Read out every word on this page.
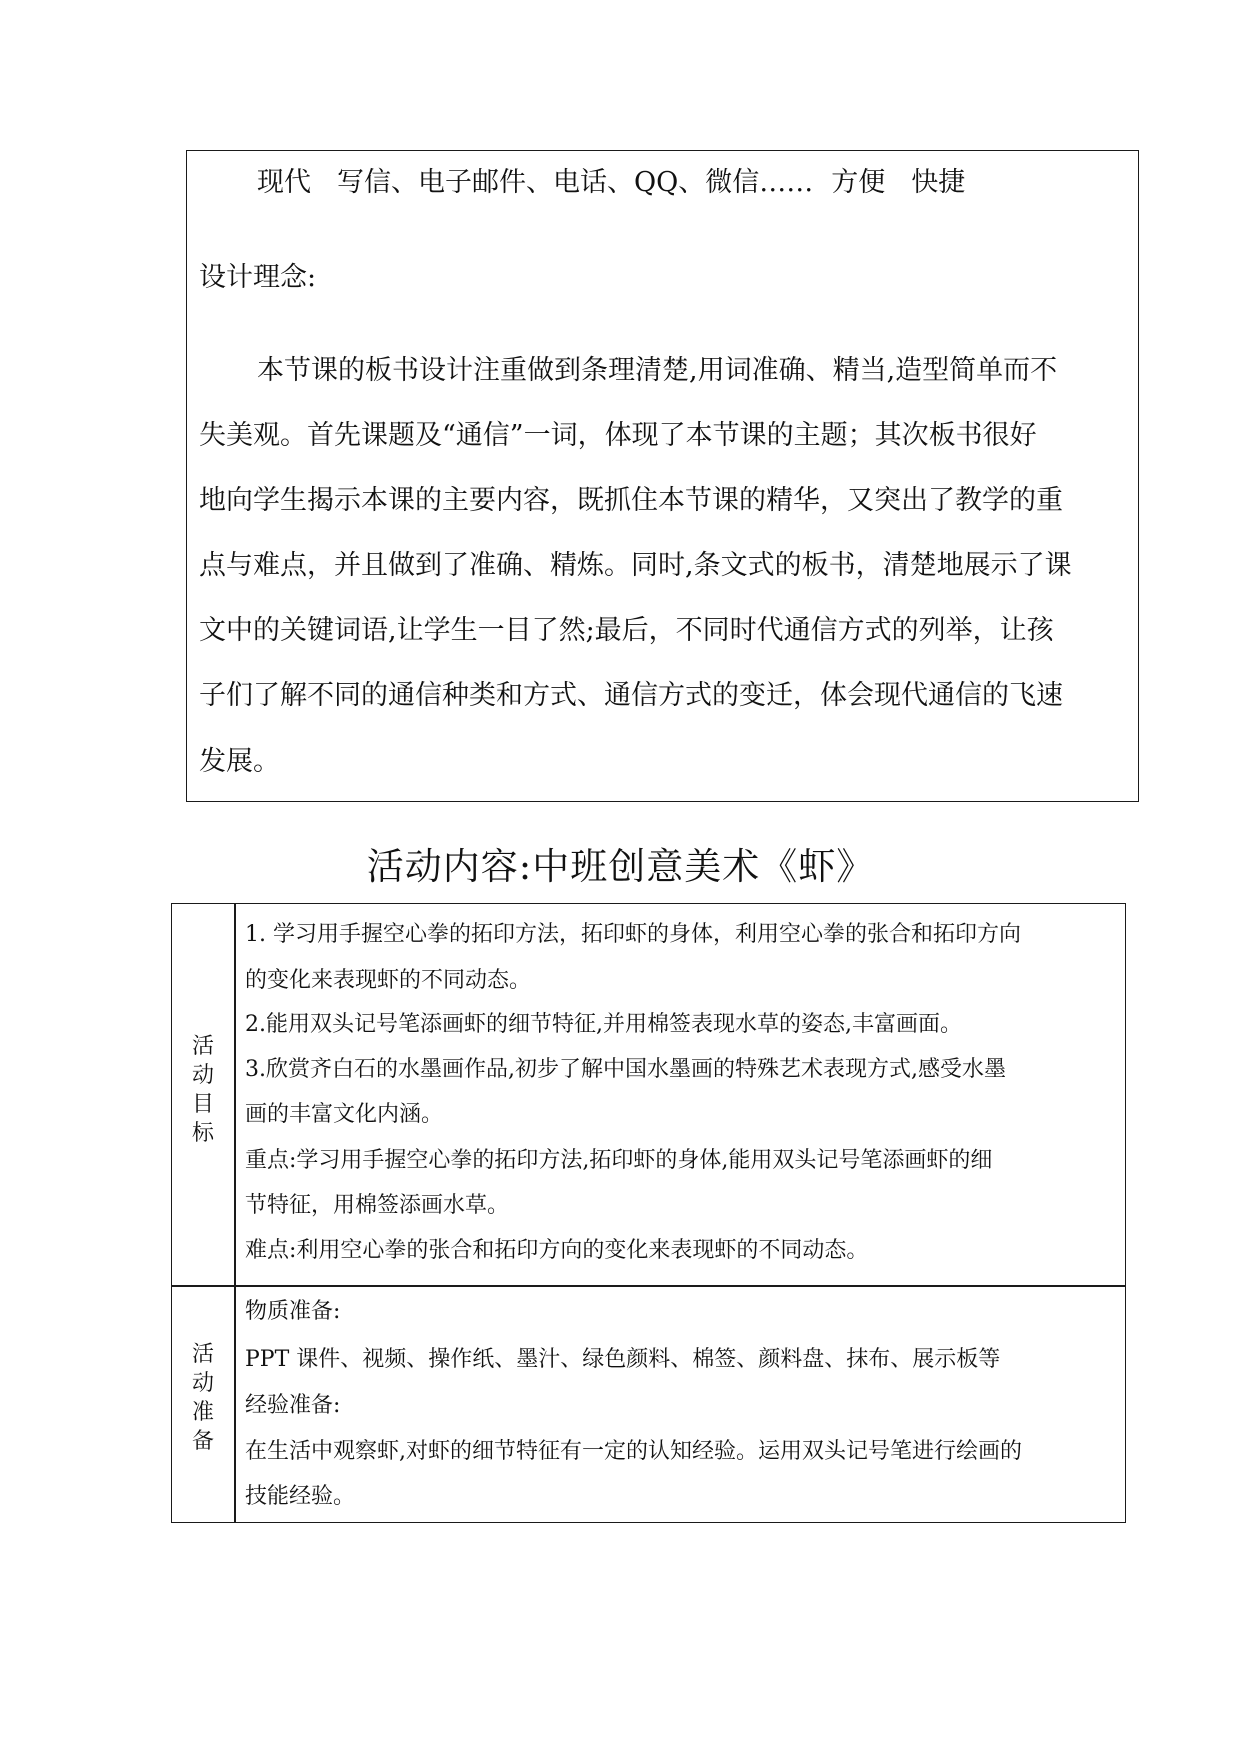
现代 写信、电子邮件、电话、QQ、微信…… 方便 快捷
设计理念:
本节课的板书设计注重做到条理清楚,用词准确、精当,造型简单而不
失美观。首先课题及“通信”一词，体现了本节课的主题；其次板书很好
地向学生揭示本课的主要内容，既抓住本节课的精华，又突出了教学的重
点与难点，并且做到了准确、精炼。同时,条文式的板书，清楚地展示了课
文中的关键词语,让学生一目了然;最后，不同时代通信方式的列举，让孩
子们了解不同的通信种类和方式、通信方式的变迁，体会现代通信的飞速
发展。
活动内容:中班创意美术《虾》
活
动
目
标
1. 学习用手握空心拳的拓印方法，拓印虾的身体，利用空心拳的张合和拓印方向
的变化来表现虾的不同动态。
2.能用双头记号笔添画虾的细节特征,并用棉签表现水草的姿态,丰富画面。
3.欣赏齐白石的水墨画作品,初步了解中国水墨画的特殊艺术表现方式,感受水墨
画的丰富文化内涵。
重点:学习用手握空心拳的拓印方法,拓印虾的身体,能用双头记号笔添画虾的细
节特征，用棉签添画水草。
难点:利用空心拳的张合和拓印方向的变化来表现虾的不同动态。
活
动
准
备
物质准备:
PPT 课件、视频、操作纸、墨汁、绿色颜料、棉签、颜料盘、抹布、展示板等
经验准备:
在生活中观察虾,对虾的细节特征有一定的认知经验。运用双头记号笔进行绘画的
技能经验。
